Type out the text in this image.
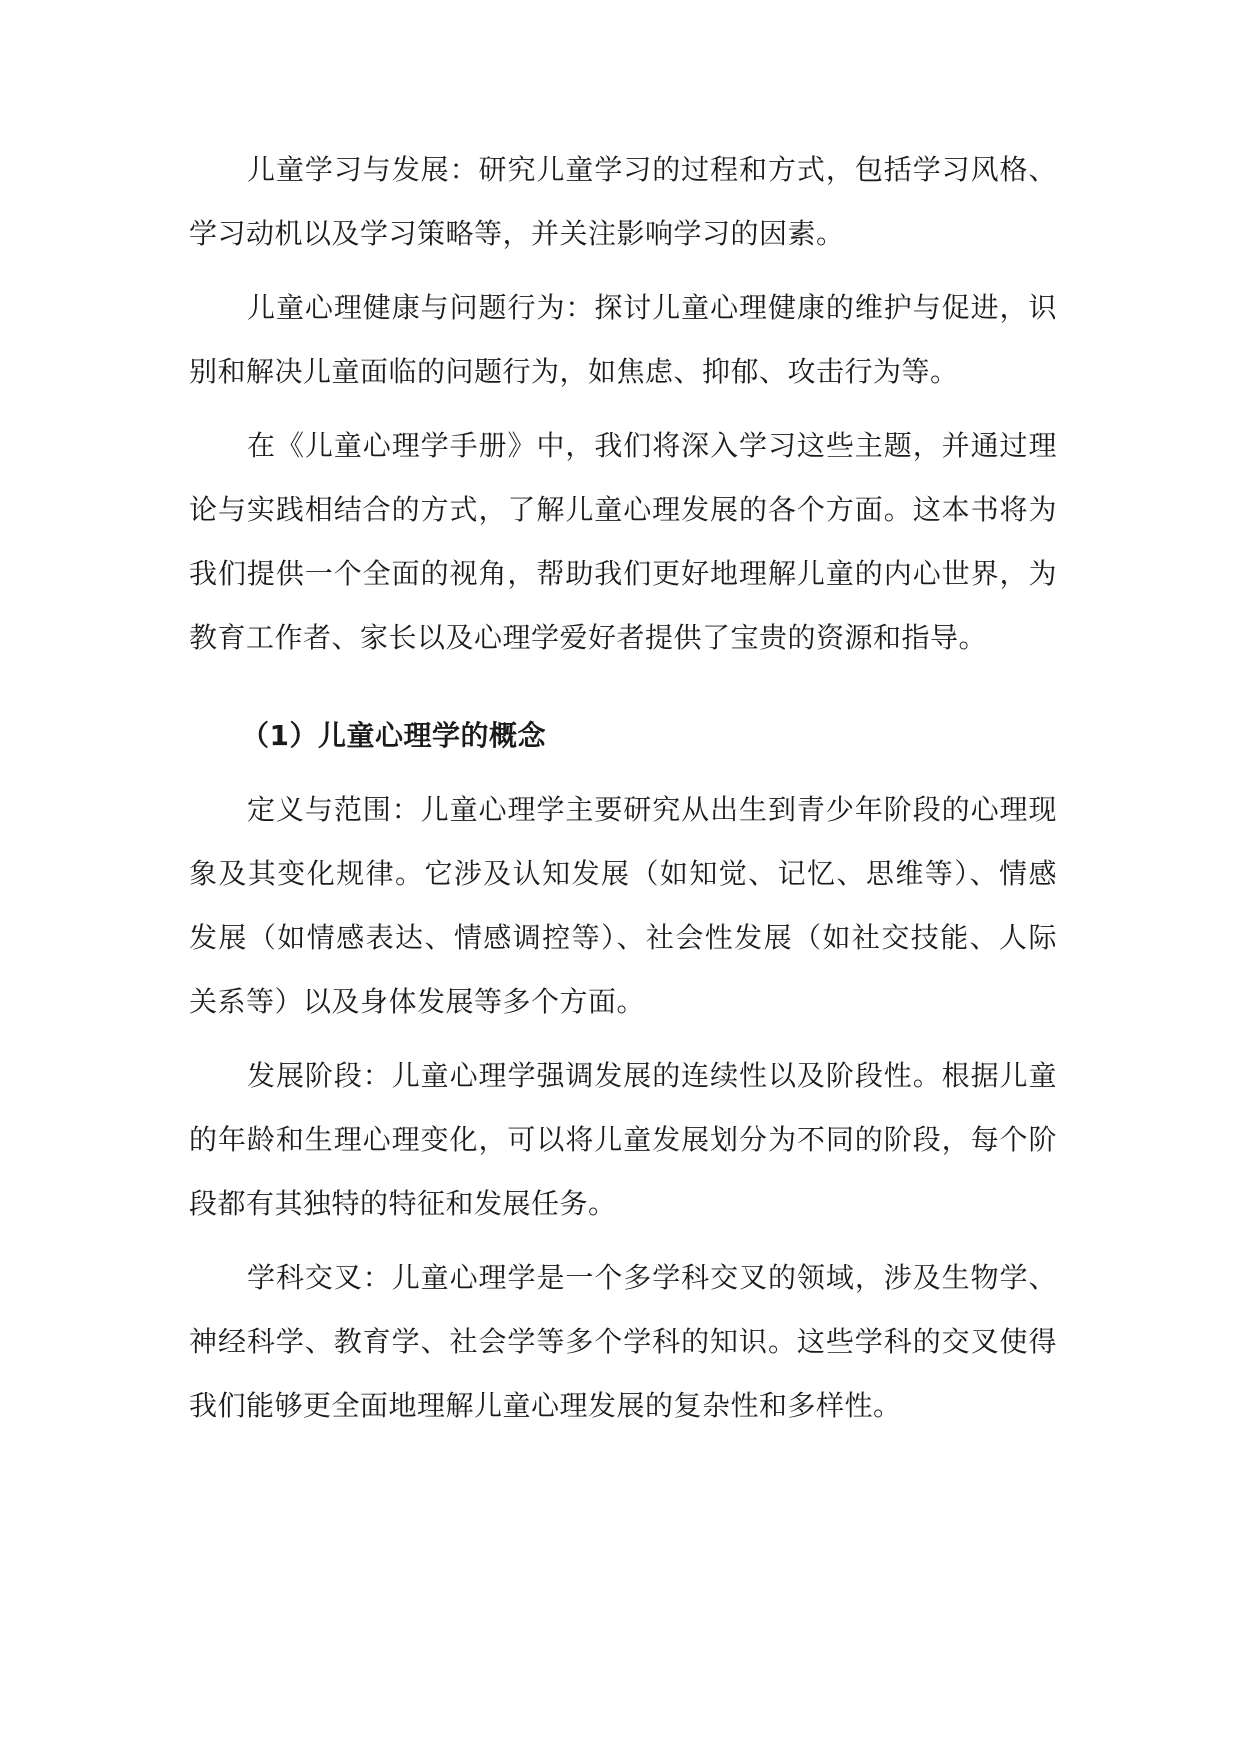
儿童学习与发展：研究儿童学习的过程和方式，包括学习风格、学习动机以及学习策略等，并关注影响学习的因素。

儿童心理健康与问题行为：探讨儿童心理健康的维护与促进，识别和解决儿童面临的问题行为，如焦虑、抑郁、攻击行为等。

在《儿童心理学手册》中，我们将深入学习这些主题，并通过理论与实践相结合的方式，了解儿童心理发展的各个方面。这本书将为我们提供一个全面的视角，帮助我们更好地理解儿童的内心世界，为教育工作者、家长以及心理学爱好者提供了宝贵的资源和指导。

（1）儿童心理学的概念

定义与范围：儿童心理学主要研究从出生到青少年阶段的心理现象及其变化规律。它涉及认知发展（如知觉、记忆、思维等）、情感发展（如情感表达、情感调控等）、社会性发展（如社交技能、人际关系等）以及身体发展等多个方面。

发展阶段：儿童心理学强调发展的连续性以及阶段性。根据儿童的年龄和生理心理变化，可以将儿童发展划分为不同的阶段，每个阶段都有其独特的特征和发展任务。

学科交叉：儿童心理学是一个多学科交叉的领域，涉及生物学、神经科学、教育学、社会学等多个学科的知识。这些学科的交叉使得我们能够更全面地理解儿童心理发展的复杂性和多样性。
